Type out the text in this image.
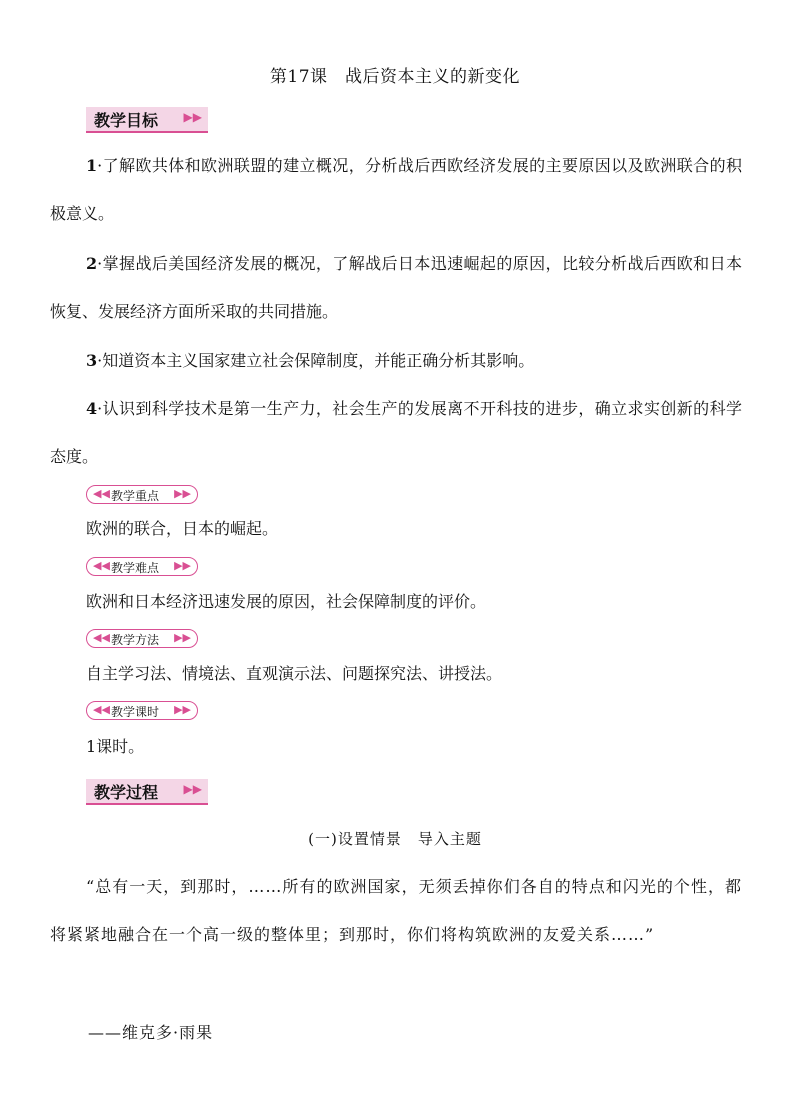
第17课　战后资本主义的新变化
教学目标 ▶▶
1·了解欧共体和欧洲联盟的建立概况，分析战后西欧经济发展的主要原因以及欧洲联合的积极意义。
2·掌握战后美国经济发展的概况，了解战后日本迅速崛起的原因，比较分析战后西欧和日本恢复、发展经济方面所采取的共同措施。
3·知道资本主义国家建立社会保障制度，并能正确分析其影响。
4·认识到科学技术是第一生产力，社会生产的发展离不开科技的进步，确立求实创新的科学态度。
◀◀ 教学重点 ▶▶
欧洲的联合，日本的崛起。
◀◀ 教学难点 ▶▶
欧洲和日本经济迅速发展的原因，社会保障制度的评价。
◀◀ 教学方法 ▶▶
自主学习法、情境法、直观演示法、问题探究法、讲授法。
◀◀ 教学课时 ▶▶
1课时。
教学过程 ▶▶
(一)设置情景　导入主题
“总有一天，到那时，……所有的欧洲国家，无须丢掉你们各自的特点和闪光的个性，都将紧紧地融合在一个高一级的整体里；到那时，你们将构筑欧洲的友爱关系……”
——维克多·雨果
